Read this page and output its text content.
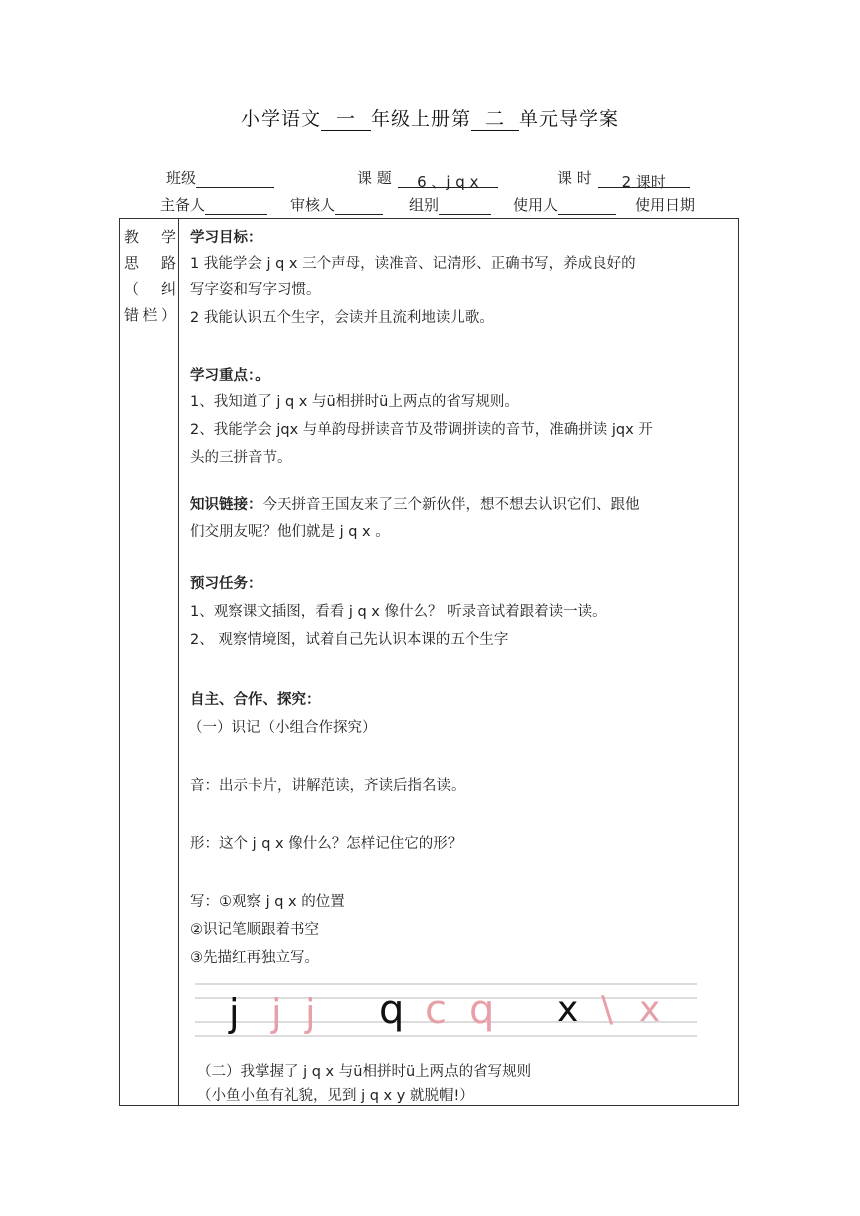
小学语文 一 年级上册第 二 单元导学案
班级	课 题 6 、j q x	课 时 2 课时
主备人	审核人	组别	使用人	使用日期
教 学
思 路
（ 纠
错栏）
学习目标：
1 我能学会 j q x 三个声母，读准音、记清形、正确书写，养成良好的
写字姿和写字习惯。
2 我能认识五个生字，会读并且流利地读儿歌。
学习重点：。
1、我知道了 j q x 与ü相拼时ü上两点的省写规则。
2、我能学会 jqx 与单韵母拼读音节及带调拼读的音节，准确拼读 jqx 开
头的三拼音节。
知识链接：今天拼音王国友来了三个新伙伴，想不想去认识它们、跟他
们交朋友呢？他们就是 j q x 。
预习任务：
1、观察课文插图，看看 j q x 像什么？ 听录音试着跟着读一读。
2、 观察情境图，试着自己先认识本课的五个生字
自主、合作、探究：
（一）识记（小组合作探究）
音：出示卡片，讲解范读，齐读后指名读。
形：这个 j q x 像什么？怎样记住它的形？
写：①观察 j q x 的位置
②识记笔顺跟着书空
③先描红再独立写。
j j j q c q x \ x
（二）我掌握了 j q x 与ü相拼时ü上两点的省写规则
（小鱼小鱼有礼貌，见到 j q x y 就脱帽!）
